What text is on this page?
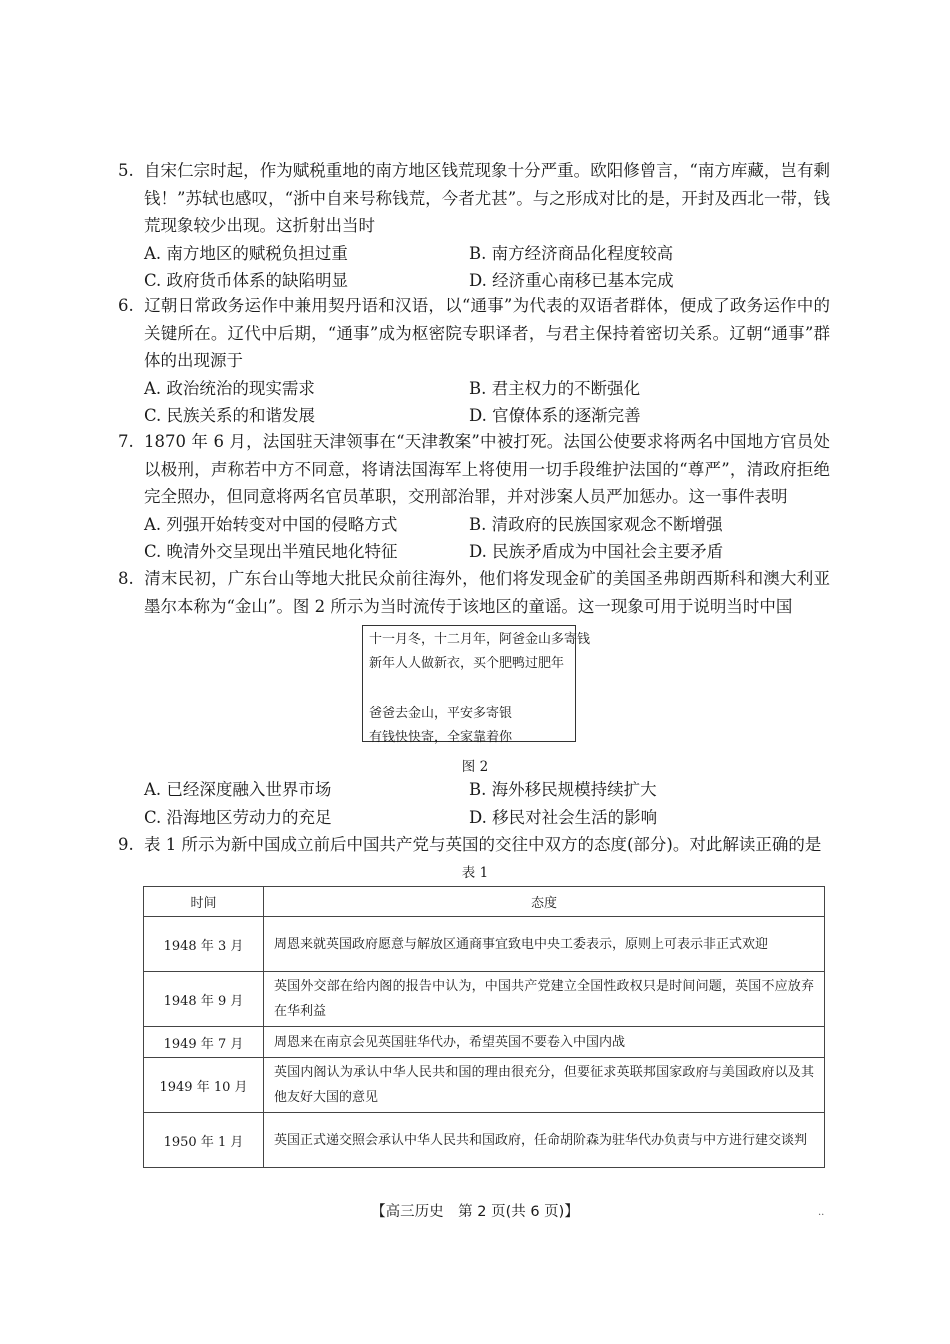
5. 自宋仁宗时起，作为赋税重地的南方地区钱荒现象十分严重。欧阳修曾言，“南方库藏，岂有剩钱！”苏轼也感叹，“浙中自来号称钱荒，今者尤甚”。与之形成对比的是，开封及西北一带，钱荒现象较少出现。这折射出当时

A. 南方地区的赋税负担过重	B. 南方经济商品化程度较高
C. 政府货币体系的缺陷明显	D. 经济重心南移已基本完成

6. 辽朝日常政务运作中兼用契丹语和汉语，以“通事”为代表的双语者群体，便成了政务运作中的关键所在。辽代中后期，“通事”成为枢密院专职译者，与君主保持着密切关系。辽朝“通事”群体的出现源于

A. 政治统治的现实需求	B. 君主权力的不断强化
C. 民族关系的和谐发展	D. 官僚体系的逐渐完善

7. 1870 年 6 月，法国驻天津领事在“天津教案”中被打死。法国公使要求将两名中国地方官员处以极刑，声称若中方不同意，将请法国海军上将使用一切手段维护法国的“尊严”，清政府拒绝完全照办，但同意将两名官员革职，交刑部治罪，并对涉案人员严加惩办。这一事件表明

A. 列强开始转变对中国的侵略方式	B. 清政府的民族国家观念不断增强
C. 晚清外交呈现出半殖民地化特征	D. 民族矛盾成为中国社会主要矛盾

8. 清末民初，广东台山等地大批民众前往海外，他们将发现金矿的美国圣弗朗西斯科和澳大利亚墨尔本称为“金山”。图 2 所示为当时流传于该地区的童谣。这一现象可用于说明当时中国

十一月冬，十二月年，阿爸金山多寄钱
新年人人做新衣，买个肥鸭过肥年
爸爸去金山，平安多寄银
有钱快快寄，全家靠着你
图 2
A. 已经深度融入世界市场	B. 海外移民规模持续扩大
C. 沿海地区劳动力的充足	D. 移民对社会生活的影响

9. 表 1 所示为新中国成立前后中国共产党与英国的交往中双方的态度(部分)。对此解读正确的是

表 1
时间	态度
1948 年 3 月	周恩来就英国政府愿意与解放区通商事宜致电中央工委表示，原则上可表示非正式欢迎
1948 年 9 月	英国外交部在给内阁的报告中认为，中国共产党建立全国性政权只是时间问题，英国不应放弃在华利益
1949 年 7 月	周恩来在南京会见英国驻华代办，希望英国不要卷入中国内战
1949 年 10 月	英国内阁认为承认中华人民共和国的理由很充分，但要征求英联邦国家政府与美国政府以及其他友好大国的意见
1950 年 1 月	英国正式递交照会承认中华人民共和国政府，任命胡阶森为驻华代办负责与中方进行建交谈判
【高三历史　第 2 页(共 6 页)】	..
